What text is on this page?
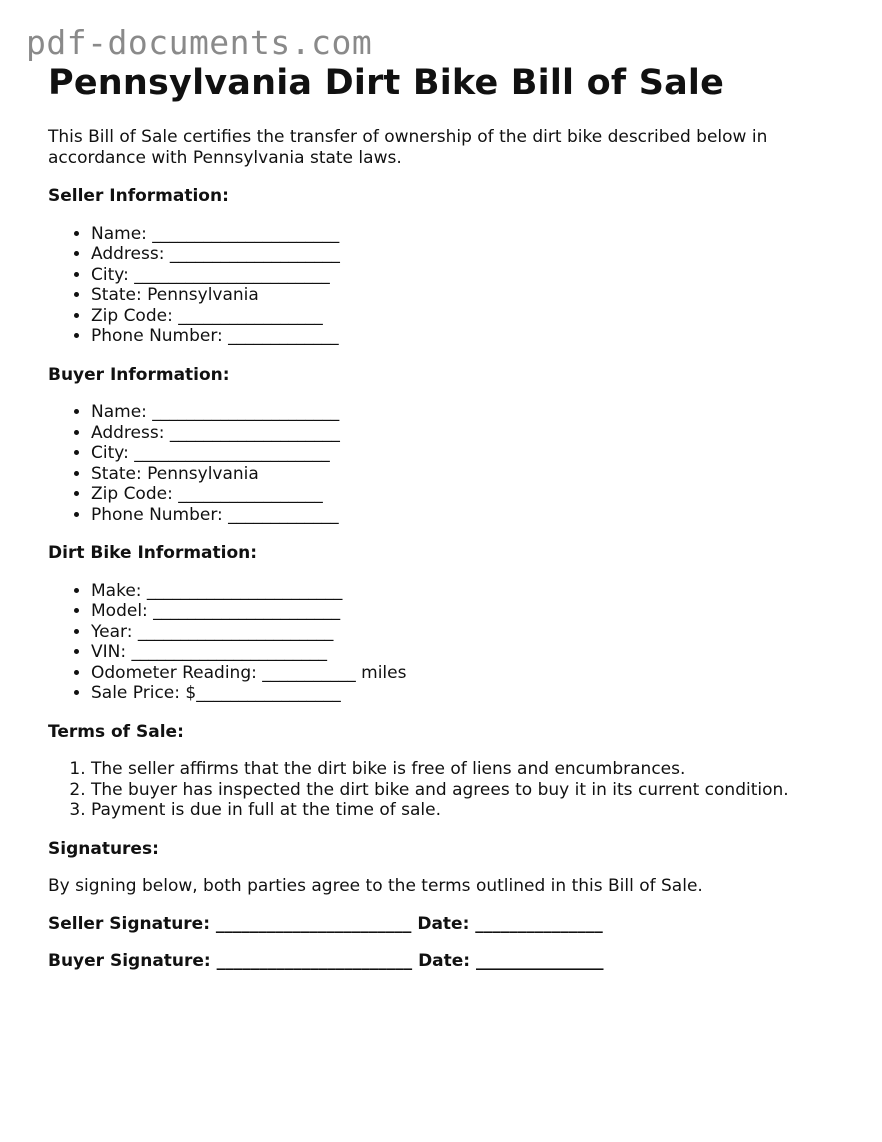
pdf-documents.com
Pennsylvania Dirt Bike Bill of Sale

This Bill of Sale certifies the transfer of ownership of the dirt bike described below in accordance with Pennsylvania state laws.

Seller Information:
• Name: ______________________
• Address: ____________________
• City: _______________________
• State: Pennsylvania
• Zip Code: _________________
• Phone Number: _____________
Buyer Information:
• Name: ______________________
• Address: ____________________
• City: _______________________
• State: Pennsylvania
• Zip Code: _________________
• Phone Number: _____________
Dirt Bike Information:
• Make: _______________________
• Model: ______________________
• Year: _______________________
• VIN: _______________________
• Odometer Reading: ___________ miles
• Sale Price: $_________________
Terms of Sale:
1. The seller affirms that the dirt bike is free of liens and encumbrances.
2. The buyer has inspected the dirt bike and agrees to buy it in its current condition.
3. Payment is due in full at the time of sale.
Signatures:

By signing below, both parties agree to the terms outlined in this Bill of Sale.

Seller Signature: _______________________ Date: _______________
Buyer Signature: _______________________ Date: _______________
